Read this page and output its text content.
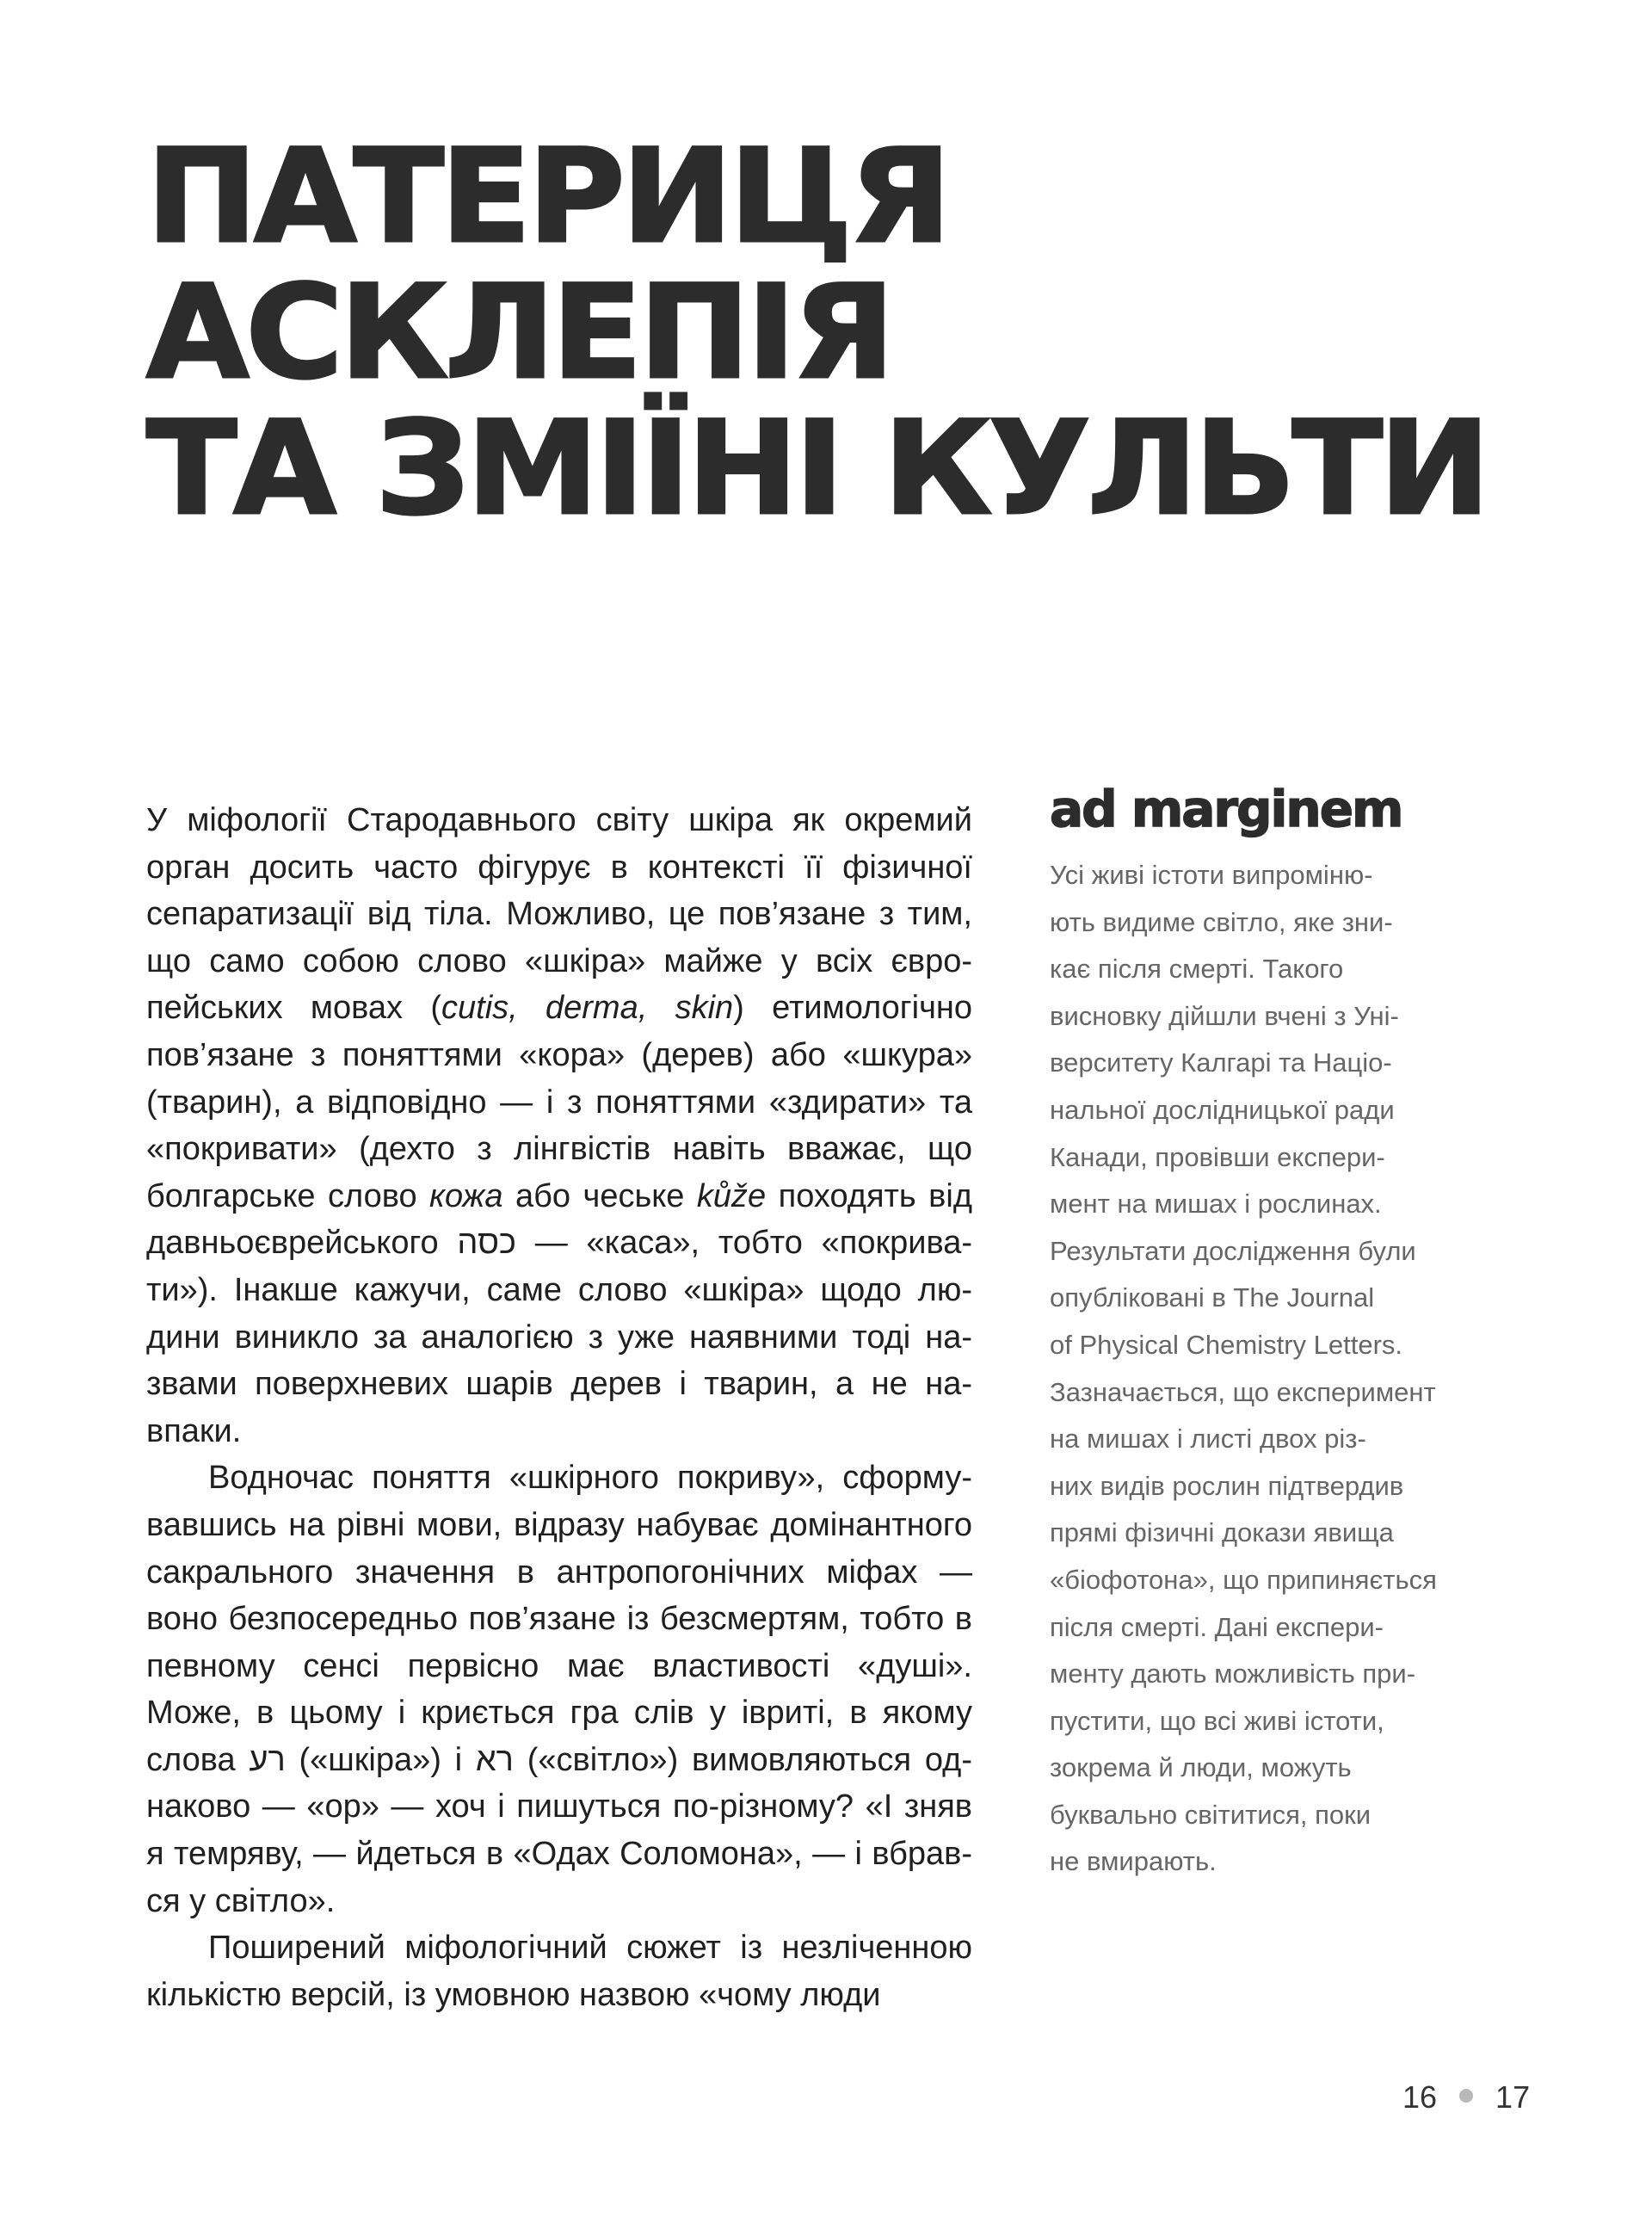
ПАТЕРИЦЯ
АСКЛЕПІЯ
ТА ЗМІЇНІ КУЛЬТИ

У міфології Стародавнього світу шкіра як окремий орган досить часто фігурує в контексті її фізичної сепаратизації від тіла. Можливо, це пов’язане з тим, що само собою слово «шкіра» майже у всіх європейських мовах (cutis, derma, skin) етимологічно пов’язане з поняттями «кора» (дерев) або «шкура» (тварин), а відповідно — і з поняттями «здирати» та «покривати» (дехто з лінгвістів навіть вважає, що болгарське слово кожа або чеське kůže походять від давньоєврейського כסה — «каса», тобто «покривати»). Інакше кажучи, саме слово «шкіра» щодо людини виникло за аналогією з уже наявними тоді назвами поверхневих шарів дерев і тварин, а не навпаки.

Водночас поняття «шкірного покриву», сформувавшись на рівні мови, відразу набуває домінантного сакрального значення в антропогонічних міфах — воно безпосередньо пов’язане із безсмертям, тобто в певному сенсі первісно має властивості «душі». Може, в цьому і криється гра слів у івриті, в якому слова רע («шкіра») і רא («світло») вимовляються однаково — «ор» — хоч і пишуться по-різному? «І зняв я темряву, — йдеться в «Одах Соломона», — і вбрався у світло».

Поширений міфологічний сюжет із незліченною кількістю версій, із умовною назвою «чому люди

ad marginem
Усі живі істоти випроміню-
ють видиме світло, яке зни-
кає після смерті. Такого
висновку дійшли вчені з Уні-
верситету Калгарі та Націо-
нальної дослідницької ради
Канади, провівши експери-
мент на мишах і рослинах.
Результати дослідження були
опубліковані в The Journal
of Physical Chemistry Letters.
Зазначається, що експеримент
на мишах і листі двох різ-
них видів рослин підтвердив
прямі фізичні докази явища
«біофотона», що припиняється
після смерті. Дані експери-
менту дають можливість при-
пустити, що всі живі істоти,
зокрема й люди, можуть
буквально світитися, поки
не вмирають.
16 17
